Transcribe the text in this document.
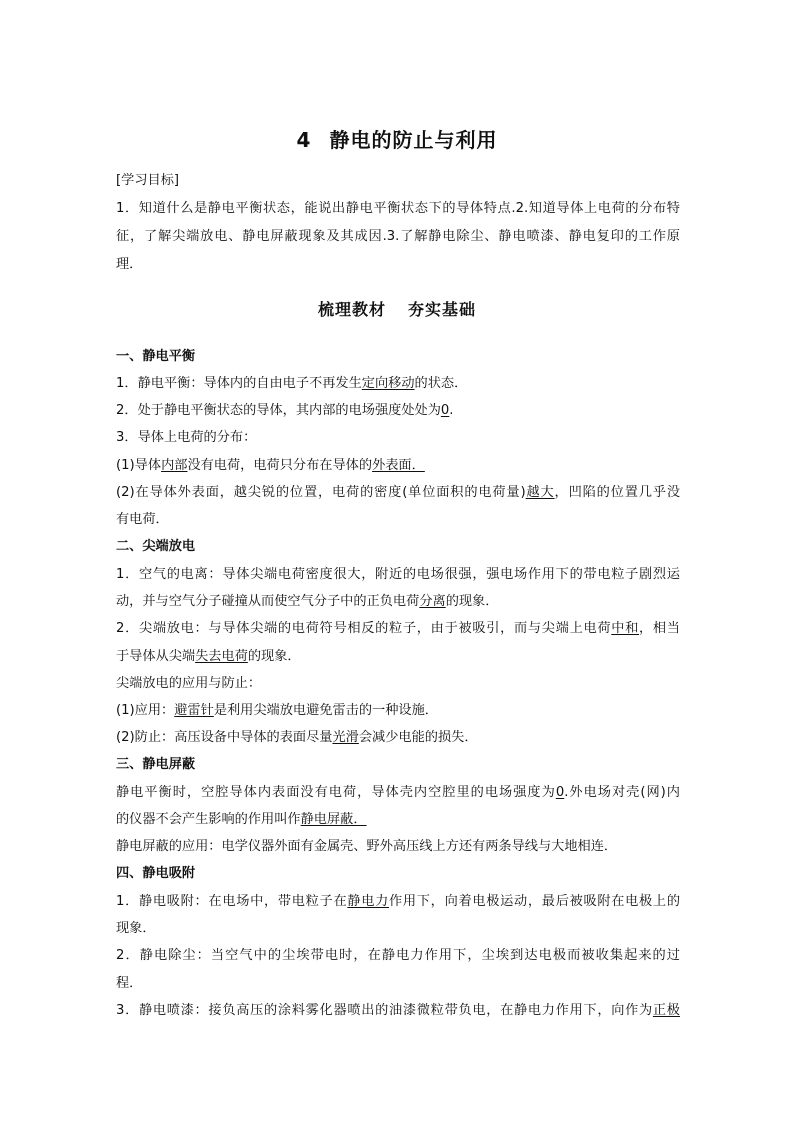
4 静电的防止与利用
[学习目标]
1．知道什么是静电平衡状态，能说出静电平衡状态下的导体特点.2.知道导体上电荷的分布特
征，了解尖端放电、静电屏蔽现象及其成因.3.了解静电除尘、静电喷漆、静电复印的工作原
理．
梳理教材 夯实基础
一、静电平衡
1．静电平衡：导体内的自由电子不再发生定向移动的状态．
2．处于静电平衡状态的导体，其内部的电场强度处处为0.
3．导体上电荷的分布：
(1)导体内部没有电荷，电荷只分布在导体的外表面．
(2)在导体外表面，越尖锐的位置，电荷的密度(单位面积的电荷量)越大，凹陷的位置几乎没
有电荷．
二、尖端放电
1．空气的电离：导体尖端电荷密度很大，附近的电场很强，强电场作用下的带电粒子剧烈运
动，并与空气分子碰撞从而使空气分子中的正负电荷分离的现象．
2．尖端放电：与导体尖端的电荷符号相反的粒子，由于被吸引，而与尖端上电荷中和，相当
于导体从尖端失去电荷的现象．
尖端放电的应用与防止：
(1)应用：避雷针是利用尖端放电避免雷击的一种设施．
(2)防止：高压设备中导体的表面尽量光滑会减少电能的损失．
三、静电屏蔽
静电平衡时，空腔导体内表面没有电荷，导体壳内空腔里的电场强度为0.外电场对壳(网)内
的仪器不会产生影响的作用叫作静电屏蔽．
静电屏蔽的应用：电学仪器外面有金属壳、野外高压线上方还有两条导线与大地相连．
四、静电吸附
1．静电吸附：在电场中，带电粒子在静电力作用下，向着电极运动，最后被吸附在电极上的
现象．
2．静电除尘：当空气中的尘埃带电时，在静电力作用下，尘埃到达电极而被收集起来的过
程．
3．静电喷漆：接负高压的涂料雾化器喷出的油漆微粒带负电，在静电力作用下，向作为正极
